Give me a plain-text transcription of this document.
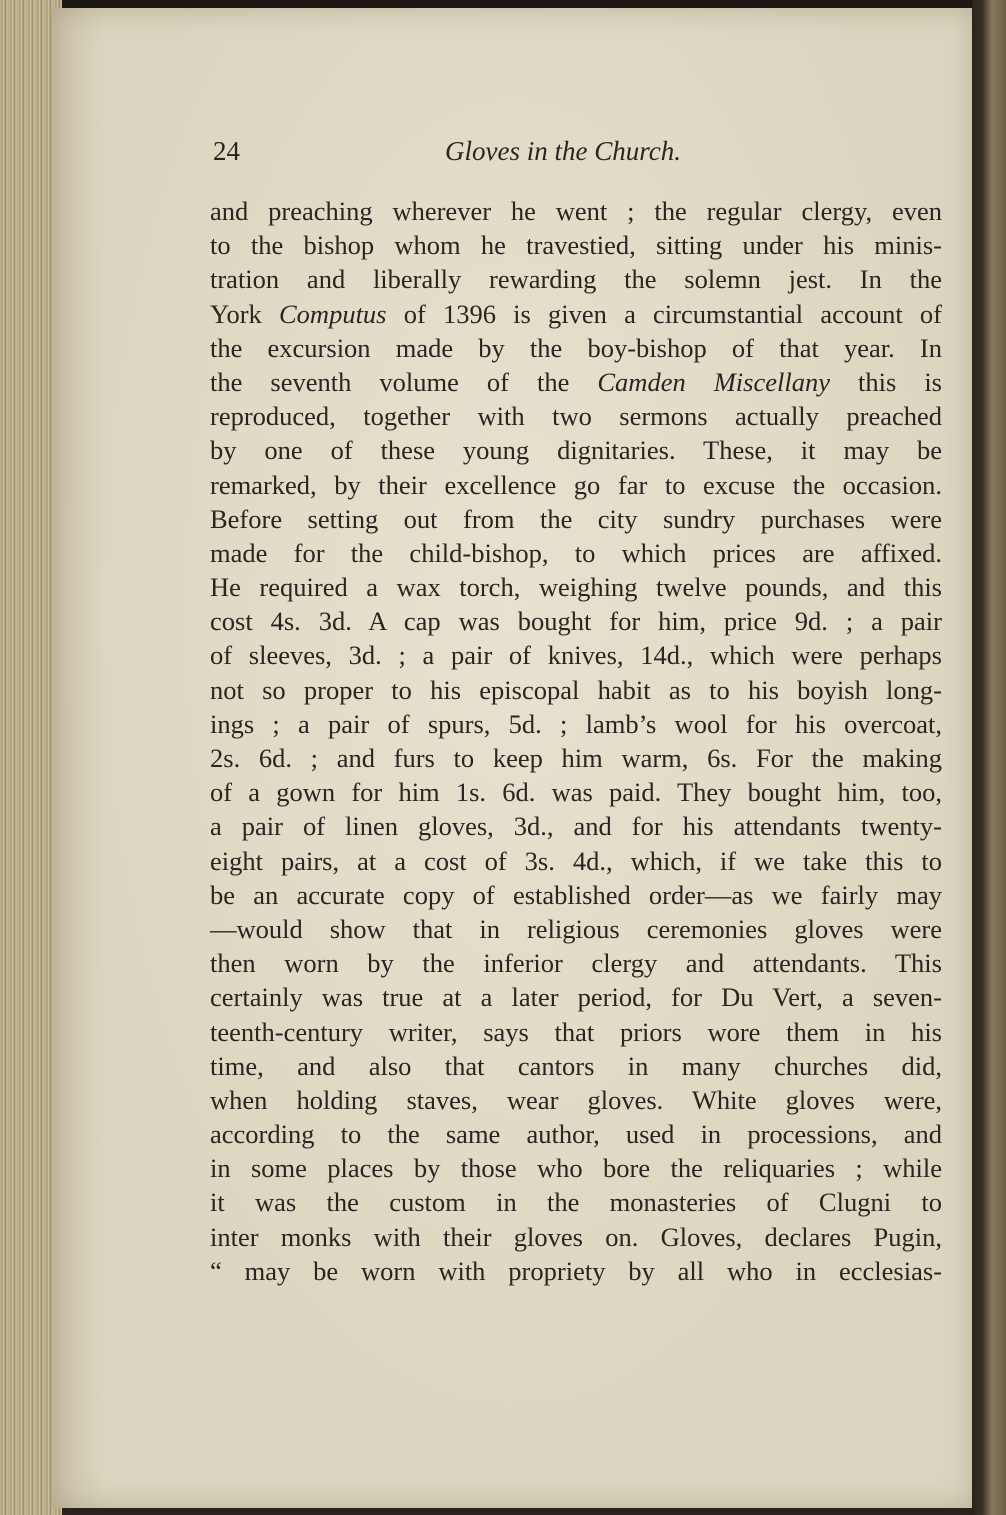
24	Gloves in the Church.
and preaching wherever he went ; the regular clergy, even
to the bishop whom he travestied, sitting under his minis-
tration and liberally rewarding the solemn jest. In the
York Computus of 1396 is given a circumstantial account of
the excursion made by the boy-bishop of that year. In
the seventh volume of the Camden Miscellany this is
reproduced, together with two sermons actually preached
by one of these young dignitaries. These, it may be
remarked, by their excellence go far to excuse the occasion.
Before setting out from the city sundry purchases were
made for the child-bishop, to which prices are affixed.
He required a wax torch, weighing twelve pounds, and this
cost 4s. 3d. A cap was bought for him, price 9d. ; a pair
of sleeves, 3d. ; a pair of knives, 14d., which were perhaps
not so proper to his episcopal habit as to his boyish long-
ings ; a pair of spurs, 5d. ; lamb’s wool for his overcoat,
2s. 6d. ; and furs to keep him warm, 6s. For the making
of a gown for him 1s. 6d. was paid. They bought him, too,
a pair of linen gloves, 3d., and for his attendants twenty-
eight pairs, at a cost of 3s. 4d., which, if we take this to
be an accurate copy of established order—as we fairly may
—would show that in religious ceremonies gloves were
then worn by the inferior clergy and attendants. This
certainly was true at a later period, for Du Vert, a seven-
teenth-century writer, says that priors wore them in his
time, and also that cantors in many churches did,
when holding staves, wear gloves. White gloves were,
according to the same author, used in processions, and
in some places by those who bore the reliquaries ; while
it was the custom in the monasteries of Clugni to
inter monks with their gloves on. Gloves, declares Pugin,
“ may be worn with propriety by all who in ecclesias-
